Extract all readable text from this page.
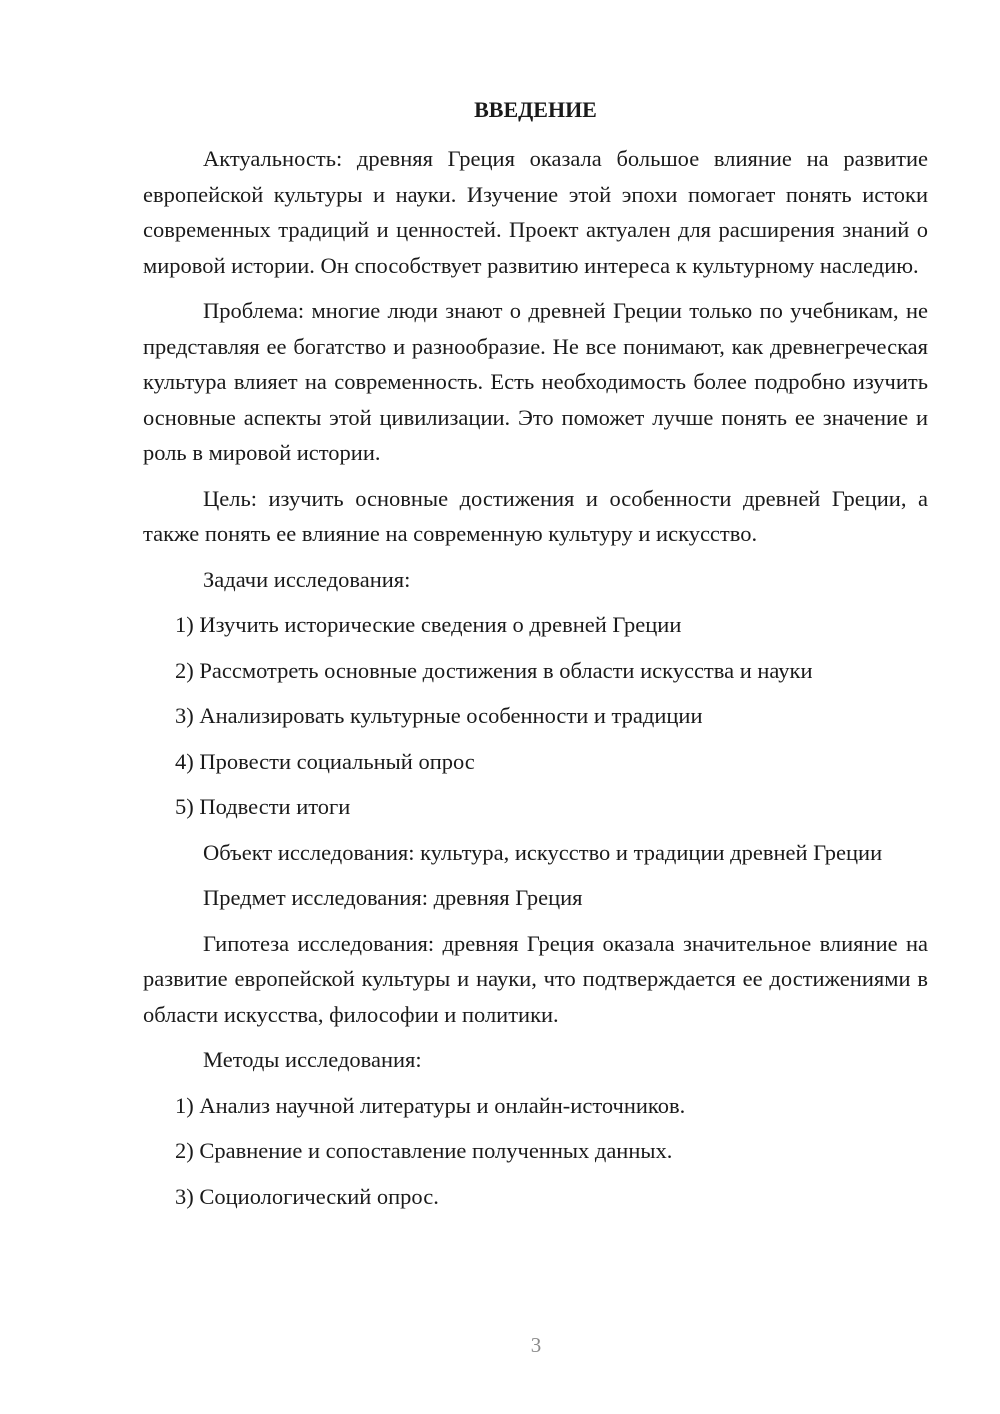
ВВЕДЕНИЕ

Актуальность: древняя Греция оказала большое влияние на развитие европейской культуры и науки. Изучение этой эпохи помогает понять истоки современных традиций и ценностей. Проект актуален для расширения знаний о мировой истории. Он способствует развитию интереса к культурному наследию.

Проблема: многие люди знают о древней Греции только по учебникам, не представляя ее богатство и разнообразие. Не все понимают, как древнегреческая культура влияет на современность. Есть необходимость более подробно изучить основные аспекты этой цивилизации. Это поможет лучше понять ее значение и роль в мировой истории.

Цель: изучить основные достижения и особенности древней Греции, а также понять ее влияние на современную культуру и искусство.

Задачи исследования:

1) Изучить исторические сведения о древней Греции
2) Рассмотреть основные достижения в области искусства и науки
3) Анализировать культурные особенности и традиции
4) Провести социальный опрос
5) Подвести итоги

Объект исследования: культура, искусство и традиции древней Греции

Предмет исследования: древняя Греция

Гипотеза исследования: древняя Греция оказала значительное влияние на развитие европейской культуры и науки, что подтверждается ее достижениями в области искусства, философии и политики.

Методы исследования:

1) Анализ научной литературы и онлайн-источников.
2) Сравнение и сопоставление полученных данных.
3) Социологический опрос.
3
